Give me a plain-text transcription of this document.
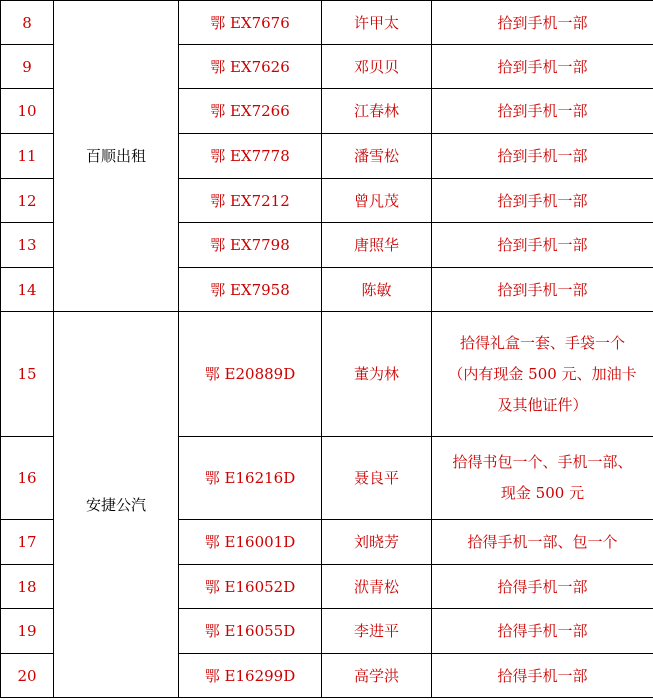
8	百顺出租	鄂 EX7676	许甲太	拾到手机一部

9		鄂 EX7626	邓贝贝	拾到手机一部

10		鄂 EX7266	江春林	拾到手机一部

11		鄂 EX7778	潘雪松	拾到手机一部

12		鄂 EX7212	曾凡茂	拾到手机一部

13		鄂 EX7798	唐照华	拾到手机一部

14		鄂 EX7958	陈敏	拾到手机一部

15	安捷公汽	鄂 E20889D	董为林	拾得礼盒一套、手袋一个
（内有现金 500 元、加油卡
及其他证件）

16		鄂 E16216D	聂良平	拾得书包一个、手机一部、
现金 500 元

17		鄂 E16001D	刘晓芳	拾得手机一部、包一个

18		鄂 E16052D	洑青松	拾得手机一部

19		鄂 E16055D	李进平	拾得手机一部

20		鄂 E16299D	高学洪	拾得手机一部
